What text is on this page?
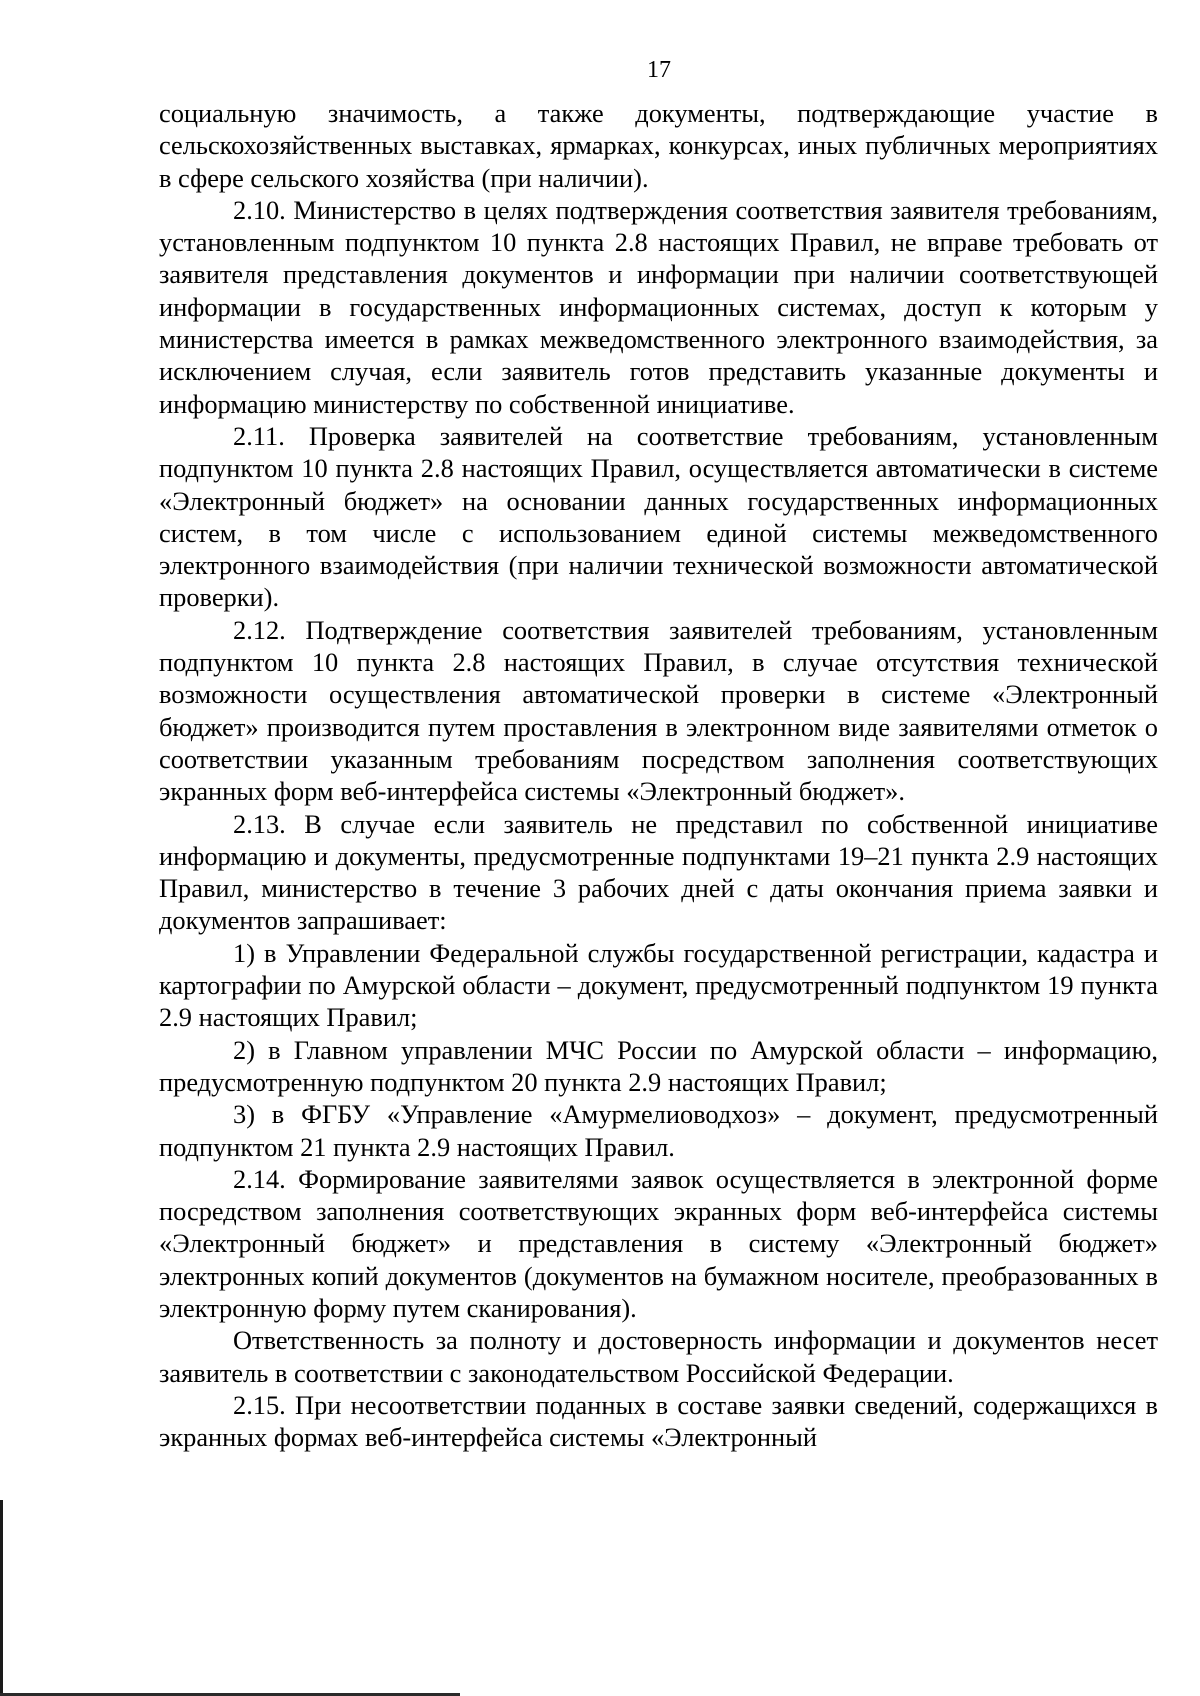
17

социальную значимость, а также документы, подтверждающие участие в сельскохозяйственных выставках, ярмарках, конкурсах, иных публичных мероприятиях в сфере сельского хозяйства (при наличии).

2.10. Министерство в целях подтверждения соответствия заявителя требованиям, установленным подпунктом 10 пункта 2.8 настоящих Правил, не вправе требовать от заявителя представления документов и информации при наличии соответствующей информации в государственных информационных системах, доступ к которым у министерства имеется в рамках межведомственного электронного взаимодействия, за исключением случая, если заявитель готов представить указанные документы и информацию министерству по собственной инициативе.

2.11. Проверка заявителей на соответствие требованиям, установленным подпунктом 10 пункта 2.8 настоящих Правил, осуществляется автоматически в системе «Электронный бюджет» на основании данных государственных информационных систем, в том числе с использованием единой системы межведомственного электронного взаимодействия (при наличии технической возможности автоматической проверки).

2.12. Подтверждение соответствия заявителей требованиям, установленным подпунктом 10 пункта 2.8 настоящих Правил, в случае отсутствия технической возможности осуществления автоматической проверки в системе «Электронный бюджет» производится путем проставления в электронном виде заявителями отметок о соответствии указанным требованиям посредством заполнения соответствующих экранных форм веб-интерфейса системы «Электронный бюджет».

2.13. В случае если заявитель не представил по собственной инициативе информацию и документы, предусмотренные подпунктами 19–21 пункта 2.9 настоящих Правил, министерство в течение 3 рабочих дней с даты окончания приема заявки и документов запрашивает:

1) в Управлении Федеральной службы государственной регистрации, кадастра и картографии по Амурской области – документ, предусмотренный подпунктом 19 пункта 2.9 настоящих Правил;

2) в Главном управлении МЧС России по Амурской области – информацию, предусмотренную подпунктом 20 пункта 2.9 настоящих Правил;

3) в ФГБУ «Управление «Амурмелиоводхоз» – документ, предусмотренный подпунктом 21 пункта 2.9 настоящих Правил.

2.14. Формирование заявителями заявок осуществляется в электронной форме посредством заполнения соответствующих экранных форм веб-интерфейса системы «Электронный бюджет» и представления в систему «Электронный бюджет» электронных копий документов (документов на бумажном носителе, преобразованных в электронную форму путем сканирования).

Ответственность за полноту и достоверность информации и документов несет заявитель в соответствии с законодательством Российской Федерации.

2.15. При несоответствии поданных в составе заявки сведений, содержащихся в экранных формах веб-интерфейса системы «Электронный
